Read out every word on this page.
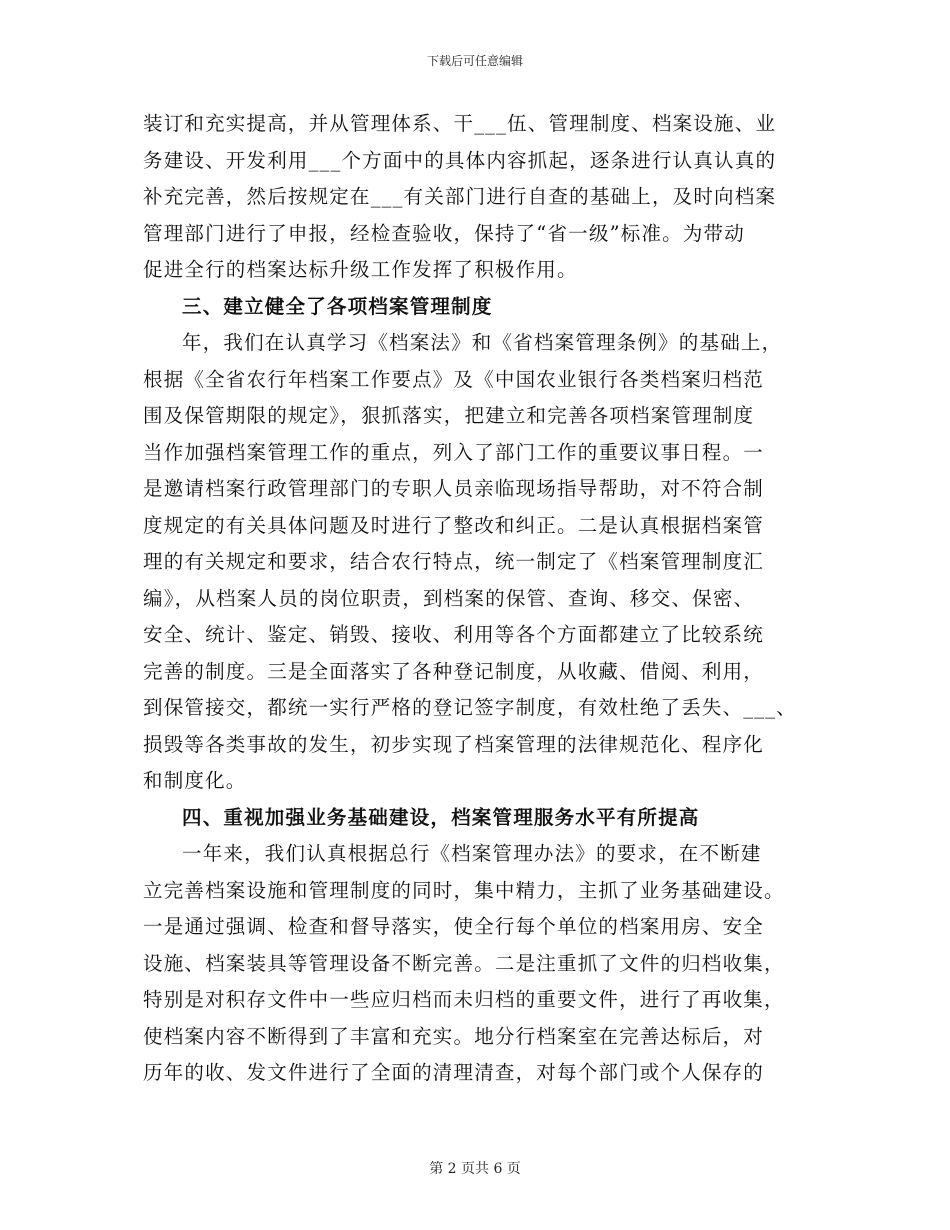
下载后可任意编辑
装订和充实提高，并从管理体系、干___伍、管理制度、档案设施、业
务建设、开发利用___个方面中的具体内容抓起，逐条进行认真认真的
补充完善，然后按规定在___有关部门进行自查的基础上，及时向档案
管理部门进行了申报，经检查验收，保持了“省一级”标准。为带动
促进全行的档案达标升级工作发挥了积极作用。
三、建立健全了各项档案管理制度
年，我们在认真学习《档案法》和《省档案管理条例》的基础上，
根据《全省农行年档案工作要点》及《中国农业银行各类档案归档范
围及保管期限的规定》，狠抓落实，把建立和完善各项档案管理制度
当作加强档案管理工作的重点，列入了部门工作的重要议事日程。一
是邀请档案行政管理部门的专职人员亲临现场指导帮助，对不符合制
度规定的有关具体问题及时进行了整改和纠正。二是认真根据档案管
理的有关规定和要求，结合农行特点，统一制定了《档案管理制度汇
编》，从档案人员的岗位职责，到档案的保管、查询、移交、保密、
安全、统计、鉴定、销毁、接收、利用等各个方面都建立了比较系统
完善的制度。三是全面落实了各种登记制度，从收藏、借阅、利用，
到保管接交，都统一实行严格的登记签字制度，有效杜绝了丢失、___、
损毁等各类事故的发生，初步实现了档案管理的法律规范化、程序化
和制度化。
四、重视加强业务基础建设，档案管理服务水平有所提高
一年来，我们认真根据总行《档案管理办法》的要求，在不断建
立完善档案设施和管理制度的同时，集中精力，主抓了业务基础建设。
一是通过强调、检查和督导落实，使全行每个单位的档案用房、安全
设施、档案装具等管理设备不断完善。二是注重抓了文件的归档收集，
特别是对积存文件中一些应归档而未归档的重要文件，进行了再收集，
使档案内容不断得到了丰富和充实。地分行档案室在完善达标后，对
历年的收、发文件进行了全面的清理清查，对每个部门或个人保存的
第 2 页共 6 页
